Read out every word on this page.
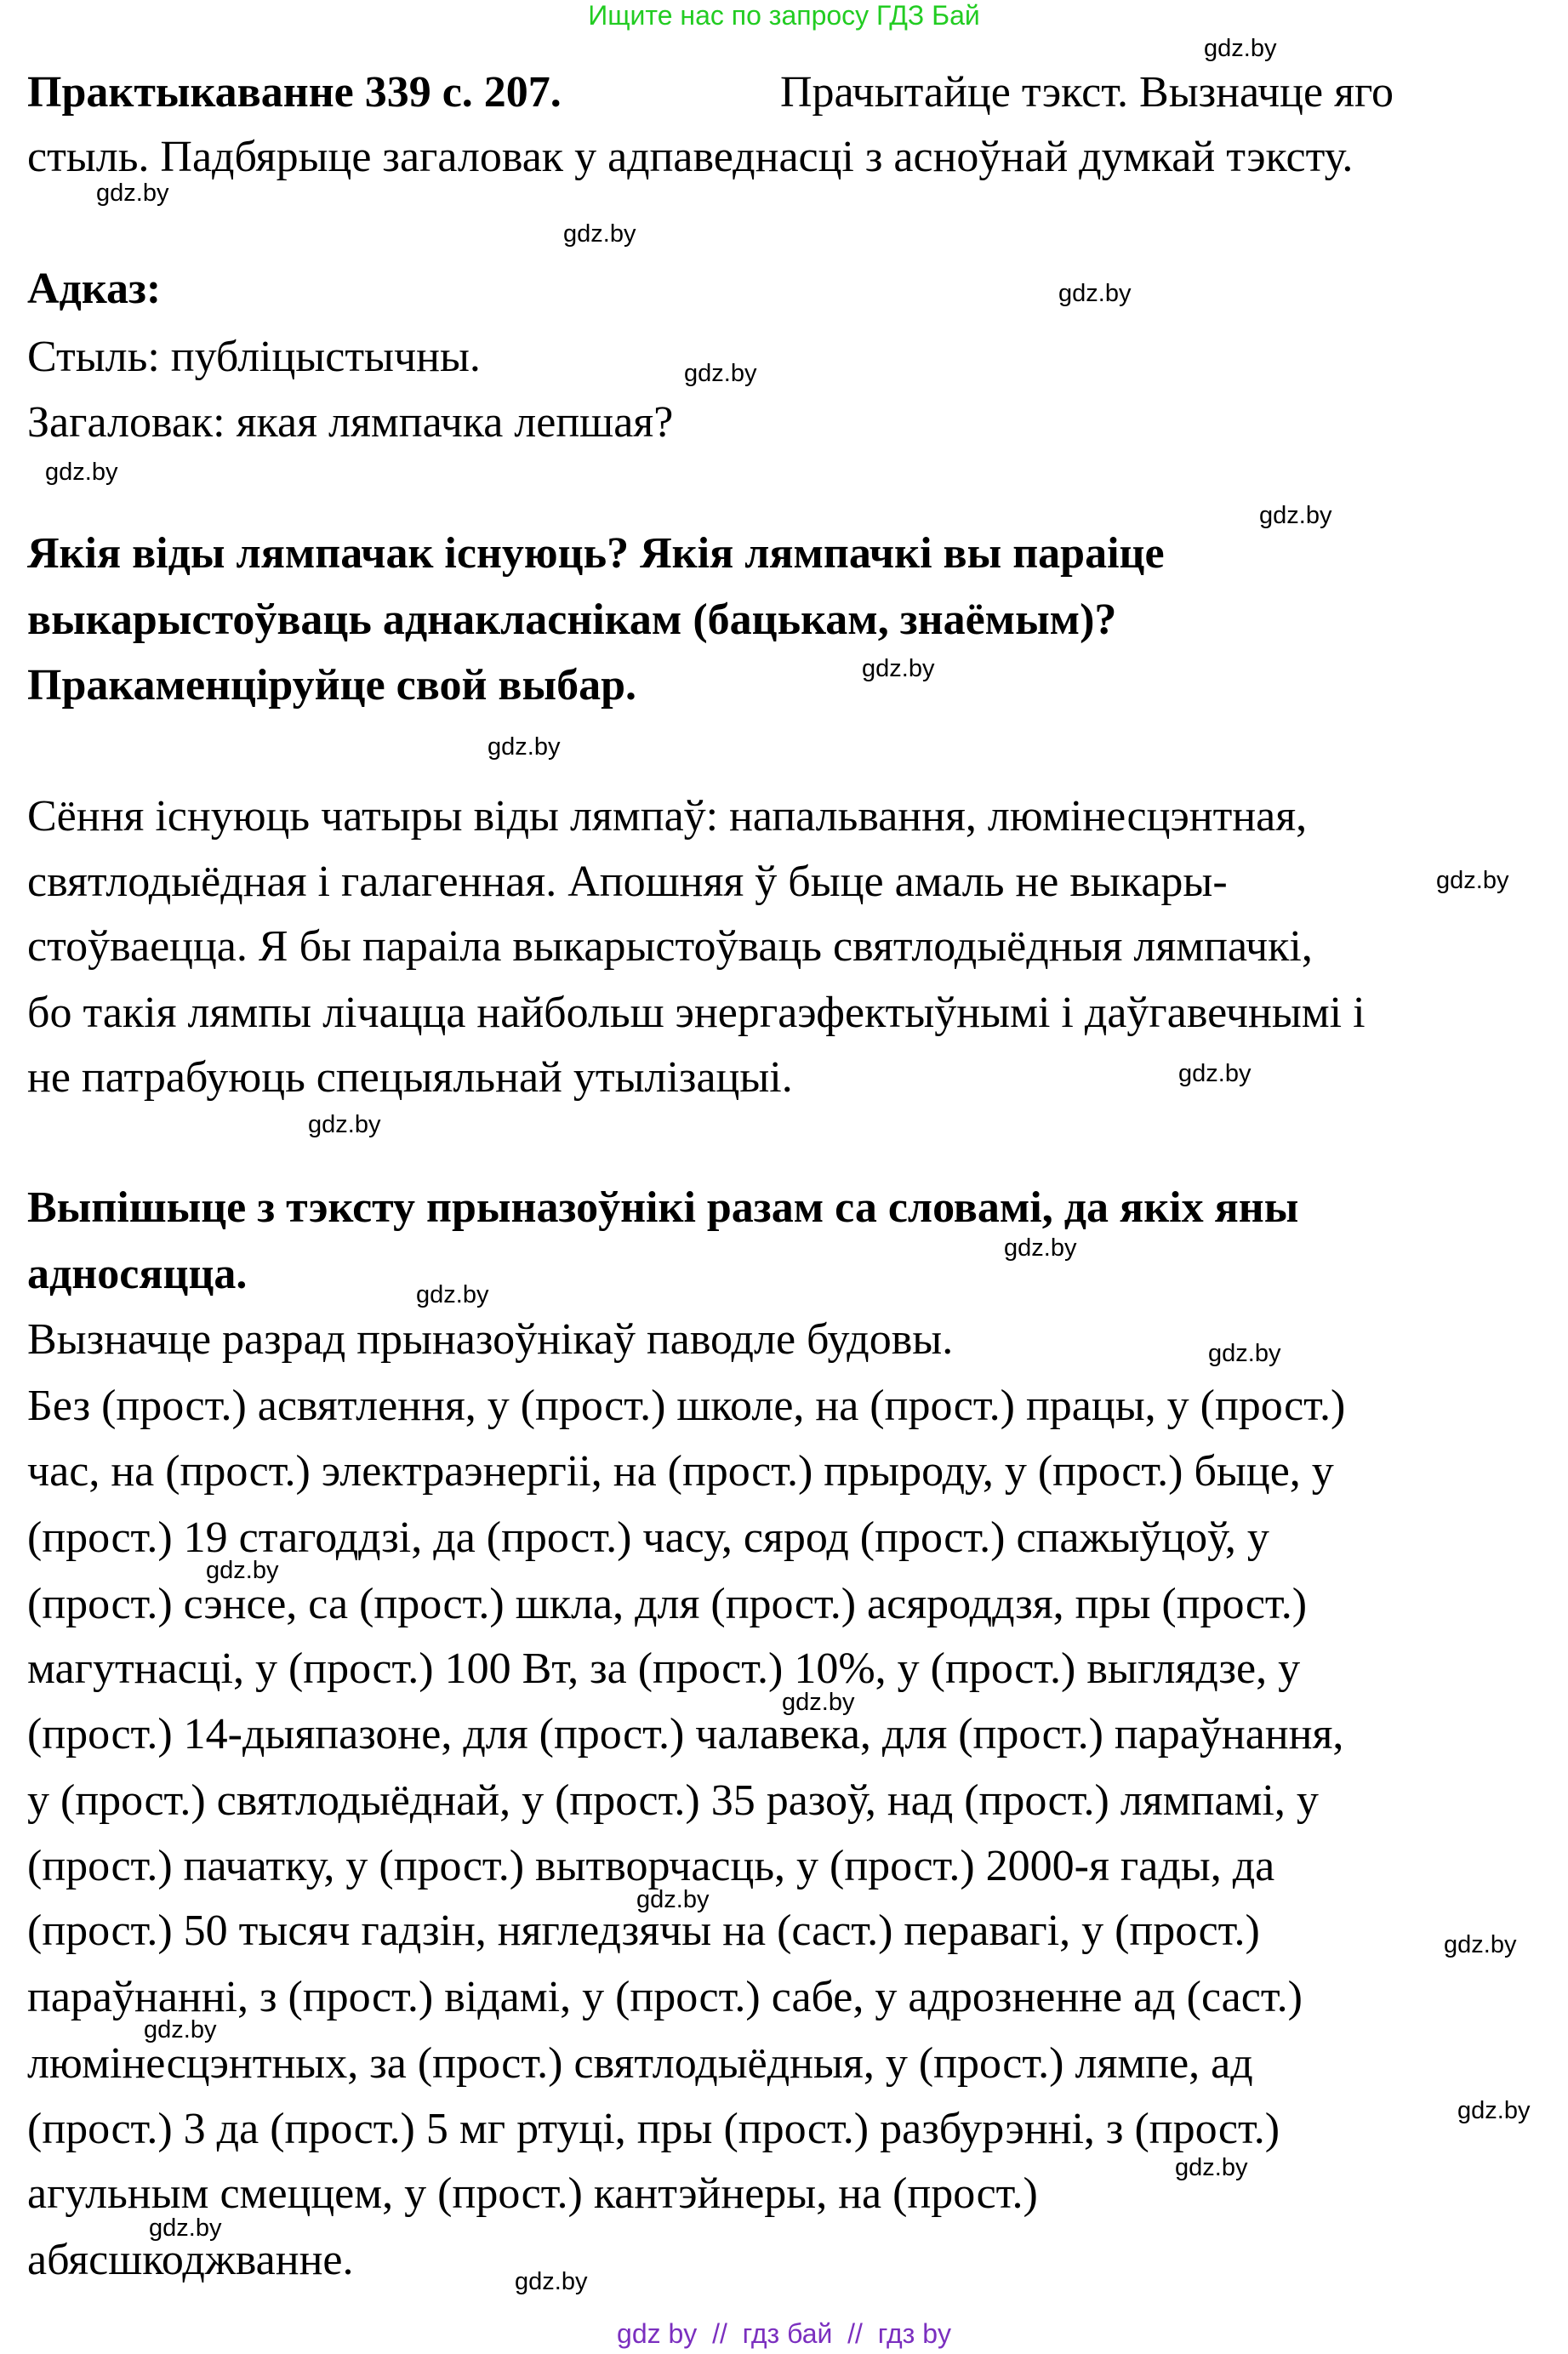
Ищите нас по запросу ГДЗ Бай
Практыкаванне 339 с. 207.	Прачытайце тэкст. Вызначце яго
стыль. Падбярыце загаловак у адпаведнасці з асноўнай думкай тэксту.
Адказ:
Стыль: публіцыстычны.
Загаловак: якая лямпачка лепшая?
Якія віды лямпачак існуюць? Якія лямпачкі вы параіце
выкарыстоўваць аднакласнікам (бацькам, знаёмым)?
Пракаменціруйце свой выбар.
Сёння існуюць чатыры віды лямпаў: напальвання, люмінесцэнтная,
святлодыёдная і галагенная. Апошняя ў быце амаль не выкары-
стоўваецца. Я бы параіла выкарыстоўваць святлодыёдныя лямпачкі,
бо такія лямпы лічацца найбольш энергаэфектыўнымі і даўгавечнымі і
не патрабуюць спецыяльнай утылізацыі.
Выпішыце з тэксту прыназоўнікі разам са словамі, да якіх яны
адносяцца.
Вызначце разрад прыназоўнікаў паводле будовы.
Без (прост.) асвятлення, у (прост.) школе, на (прост.) працы, у (прост.)
час, на (прост.) электраэнергіі, на (прост.) прыроду, у (прост.) быце, у
(прост.) 19 стагоддзі, да (прост.) часу, сярод (прост.) спажыўцоў, у
(прост.) сэнсе, са (прост.) шкла, для (прост.) асяроддзя, пры (прост.)
магутнасці, у (прост.) 100 Вт, за (прост.) 10%, у (прост.) выглядзе, у
(прост.) 14-дыяпазоне, для (прост.) чалавека, для (прост.) параўнання,
у (прост.) святлодыёднай, у (прост.) 35 разоў, над (прост.) лямпамі, у
(прост.) пачатку, у (прост.) вытворчасць, у (прост.) 2000-я гады, да
(прост.) 50 тысяч гадзін, нягледзячы на (саст.) перавагі, у (прост.)
параўнанні, з (прост.) відамі, у (прост.) сабе, у адрозненне ад (саст.)
люмінесцэнтных, за (прост.) святлодыёдныя, у (прост.) лямпе, ад
(прост.) 3 да (прост.) 5 мг ртуці, пры (прост.) разбурэнні, з (прост.)
агульным смеццем, у (прост.) кантэйнеры, на (прост.)
абясшкоджванне.
gdz.by
gdz.by
gdz.by
gdz.by
gdz.by
gdz.by
gdz.by
gdz.by
gdz.by
gdz.by
gdz.by
gdz.by
gdz.by
gdz.by
gdz.by
gdz.by
gdz.by
gdz.by
gdz.by
gdz.by
gdz.by
gdz.by
gdz.by
gdz.by
gdz by  //  гдз бай  //  гдз by
